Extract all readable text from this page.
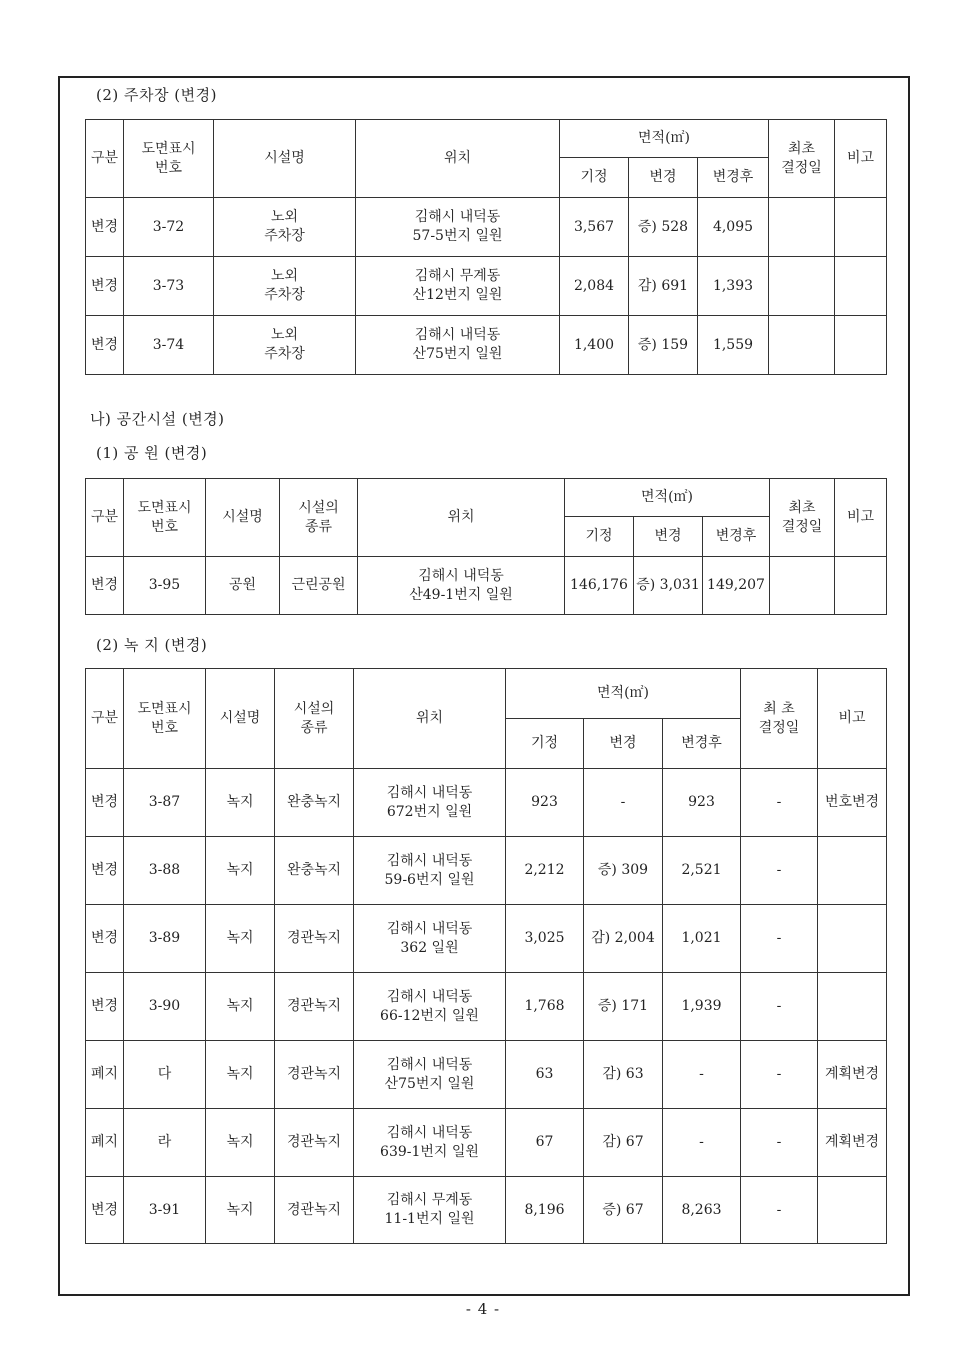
(2) 주차장 (변경)
구분	도면표시
번호	시설명	위치	면적(㎡)			최초
결정일	비고
				기정	변경	변경후		
변경	3-72	노외
주차장	김해시 내덕동
57-5번지 일원	3,567	증) 528	4,095		
변경	3-73	노외
주차장	김해시 무계동
산12번지 일원	2,084	감) 691	1,393		
변경	3-74	노외
주차장	김해시 내덕동
산75번지 일원	1,400	증) 159	1,559		
나) 공간시설 (변경)
(1) 공 원 (변경)
구분	도면표시
번호	시설명	시설의
종류	위치	면적(㎡)			최초
결정일	비고
					기정	변경	변경후		
변경	3-95	공원	근린공원	김해시 내덕동
산49-1번지 일원	146,176	증) 3,031	149,207		
(2) 녹 지 (변경)
구분	도면표시
번호	시설명	시설의
종류	위치	면적(㎡)			최 초
결정일	비고
					기정	변경	변경후		
변경	3-87	녹지	완충녹지	김해시 내덕동
672번지 일원	923	-	923	-	번호변경
변경	3-88	녹지	완충녹지	김해시 내덕동
59-6번지 일원	2,212	증) 309	2,521	-	
변경	3-89	녹지	경관녹지	김해시 내덕동
362 일원	3,025	감) 2,004	1,021	-	
변경	3-90	녹지	경관녹지	김해시 내덕동
66-12번지 일원	1,768	증) 171	1,939	-	
폐지	다	녹지	경관녹지	김해시 내덕동
산75번지 일원	63	감) 63	-	-	계획변경
폐지	라	녹지	경관녹지	김해시 내덕동
639-1번지 일원	67	감) 67	-	-	계획변경
변경	3-91	녹지	경관녹지	김해시 무계동
11-1번지 일원	8,196	증) 67	8,263	-	
- 4 -
